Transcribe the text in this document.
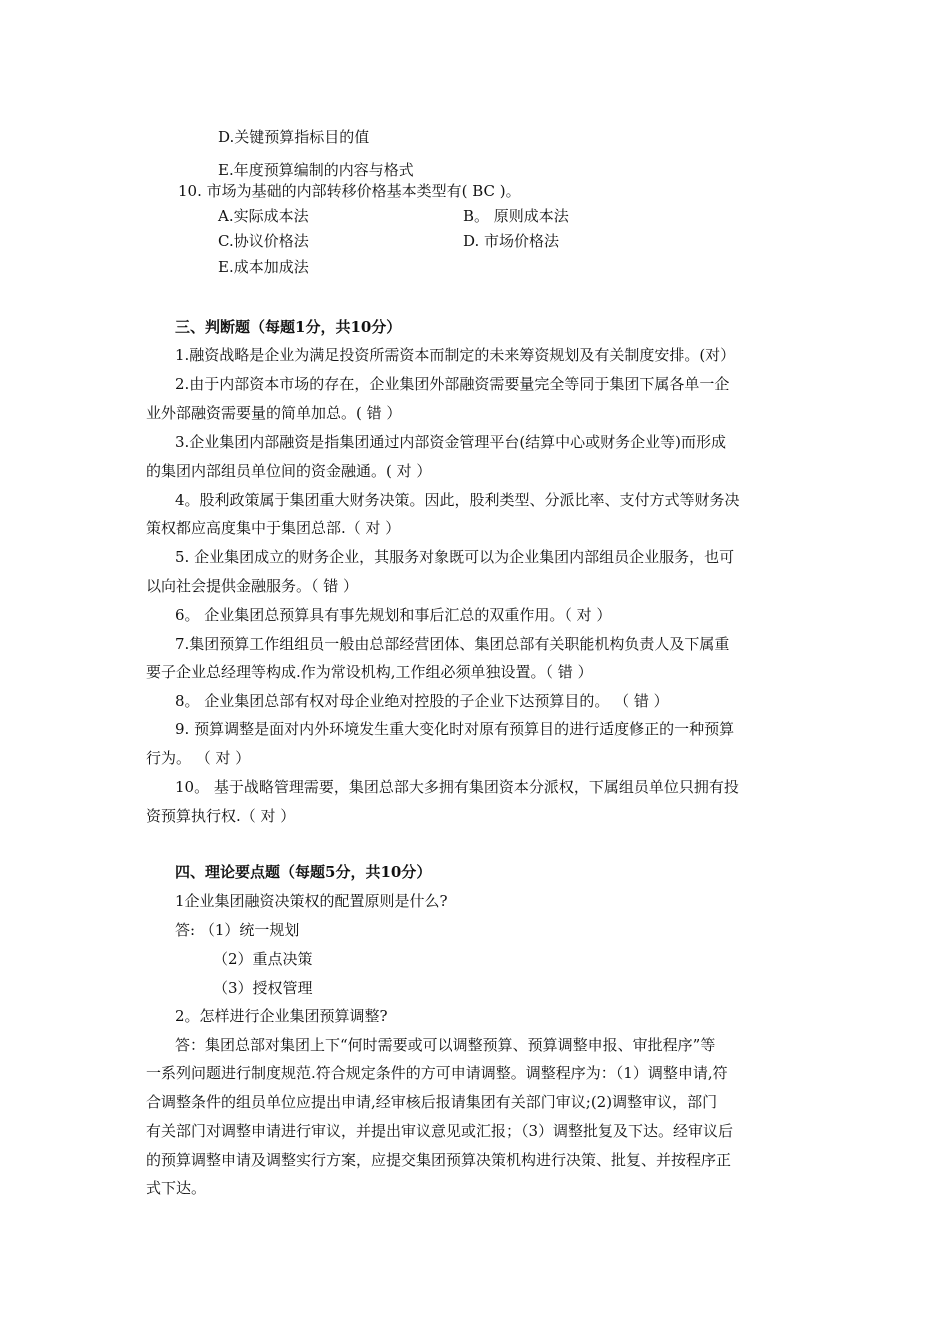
D.关键预算指标目的值
E.年度预算编制的内容与格式
10. 市场为基础的内部转移价格基本类型有( BC )。
A.实际成本法	B。 原则成本法
C.协议价格法	D. 市场价格法
E.成本加成法
三、判断题（每题1分，共10分）
1.融资战略是企业为满足投资所需资本而制定的未来筹资规划及有关制度安排。(对）
2.由于内部资本市场的存在，企业集团外部融资需要量完全等同于集团下属各单一企
业外部融资需要量的简单加总。( 错 ）
3.企业集团内部融资是指集团通过内部资金管理平台(结算中心或财务企业等)而形成
的集团内部组员单位间的资金融通。( 对 ）
4。股利政策属于集团重大财务决策。因此，股利类型、分派比率、支付方式等财务决
策权都应高度集中于集团总部.（ 对 ）
5. 企业集团成立的财务企业，其服务对象既可以为企业集团内部组员企业服务，也可
以向社会提供金融服务。（ 错 ）
6。 企业集团总预算具有事先规划和事后汇总的双重作用。（ 对 ）
7.集团预算工作组组员一般由总部经营团体、集团总部有关职能机构负责人及下属重
要子企业总经理等构成.作为常设机构,工作组必须单独设置。（ 错 ）
8。 企业集团总部有权对母企业绝对控股的子企业下达预算目的。 （ 错 ）
9. 预算调整是面对内外环境发生重大变化时对原有预算目的进行适度修正的一种预算
行为。 （ 对 ）
10。 基于战略管理需要，集团总部大多拥有集团资本分派权，下属组员单位只拥有投
资预算执行权.（ 对 ）
四、理论要点题（每题5分，共10分）
1企业集团融资决策权的配置原则是什么?
答: （1）统一规划
（2）重点决策
（3）授权管理
2。怎样进行企业集团预算调整?
答：集团总部对集团上下“何时需要或可以调整预算、预算调整申报、审批程序”等
一系列问题进行制度规范.符合规定条件的方可申请调整。调整程序为：（1）调整申请,符
合调整条件的组员单位应提出申请,经审核后报请集团有关部门审议;(2)调整审议，部门
有关部门对调整申请进行审议，并提出审议意见或汇报；（3）调整批复及下达。经审议后
的预算调整申请及调整实行方案，应提交集团预算决策机构进行决策、批复、并按程序正
式下达。
